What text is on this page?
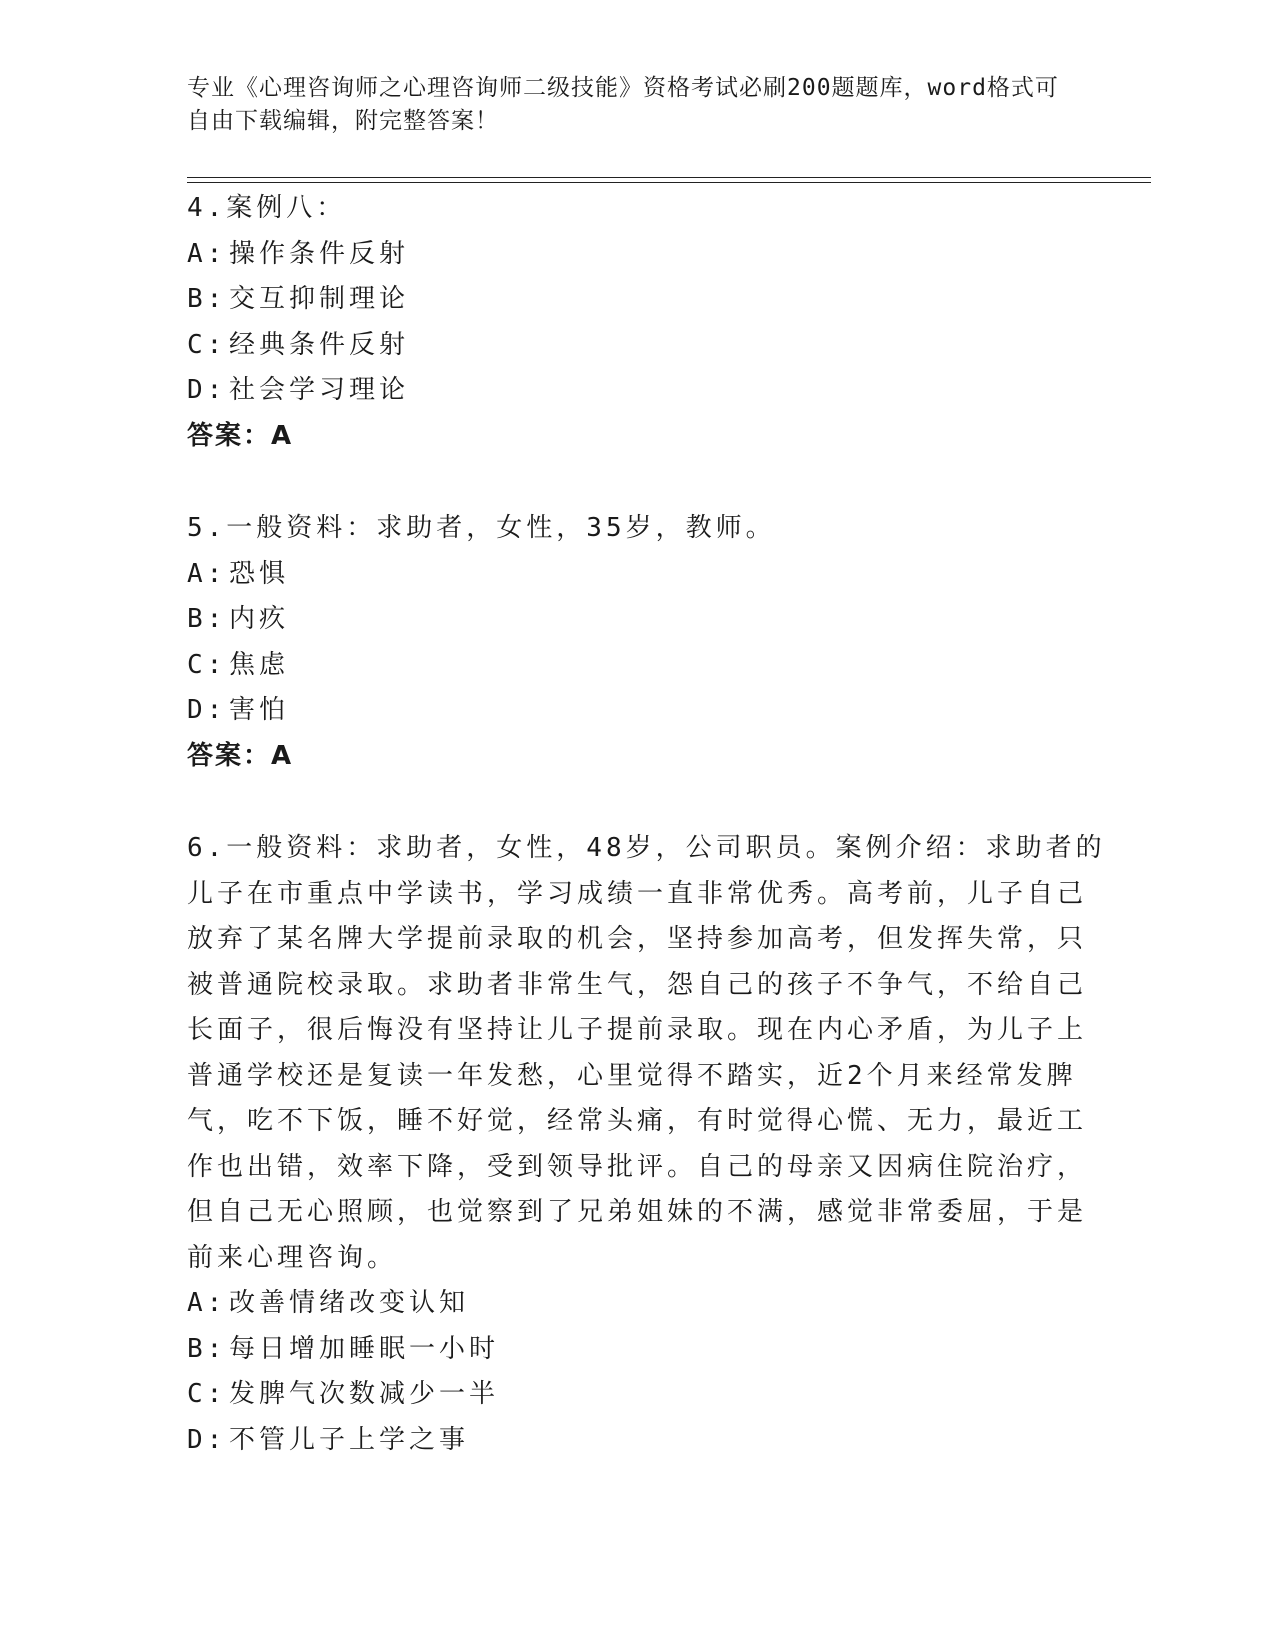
专业《心理咨询师之心理咨询师二级技能》资格考试必刷200题题库，word格式可自由下载编辑，附完整答案！
4.案例八：
A: 操作条件反射
B: 交互抑制理论
C: 经典条件反射
D: 社会学习理论
答案：A
5.一般资料：求助者，女性，35岁，教师。
A: 恐惧
B: 内疚
C: 焦虑
D: 害怕
答案：A
6.一般资料：求助者，女性，48岁，公司职员。案例介绍：求助者的
儿子在市重点中学读书，学习成绩一直非常优秀。高考前，儿子自己
放弃了某名牌大学提前录取的机会，坚持参加高考，但发挥失常，只
被普通院校录取。求助者非常生气，怨自己的孩子不争气，不给自己
长面子，很后悔没有坚持让儿子提前录取。现在内心矛盾，为儿子上
普通学校还是复读一年发愁，心里觉得不踏实，近2个月来经常发脾
气，吃不下饭，睡不好觉，经常头痛，有时觉得心慌、无力，最近工
作也出错，效率下降，受到领导批评。自己的母亲又因病住院治疗，
但自己无心照顾，也觉察到了兄弟姐妹的不满，感觉非常委屈，于是
前来心理咨询。
A: 改善情绪改变认知
B: 每日增加睡眠一小时
C: 发脾气次数减少一半
D: 不管儿子上学之事
